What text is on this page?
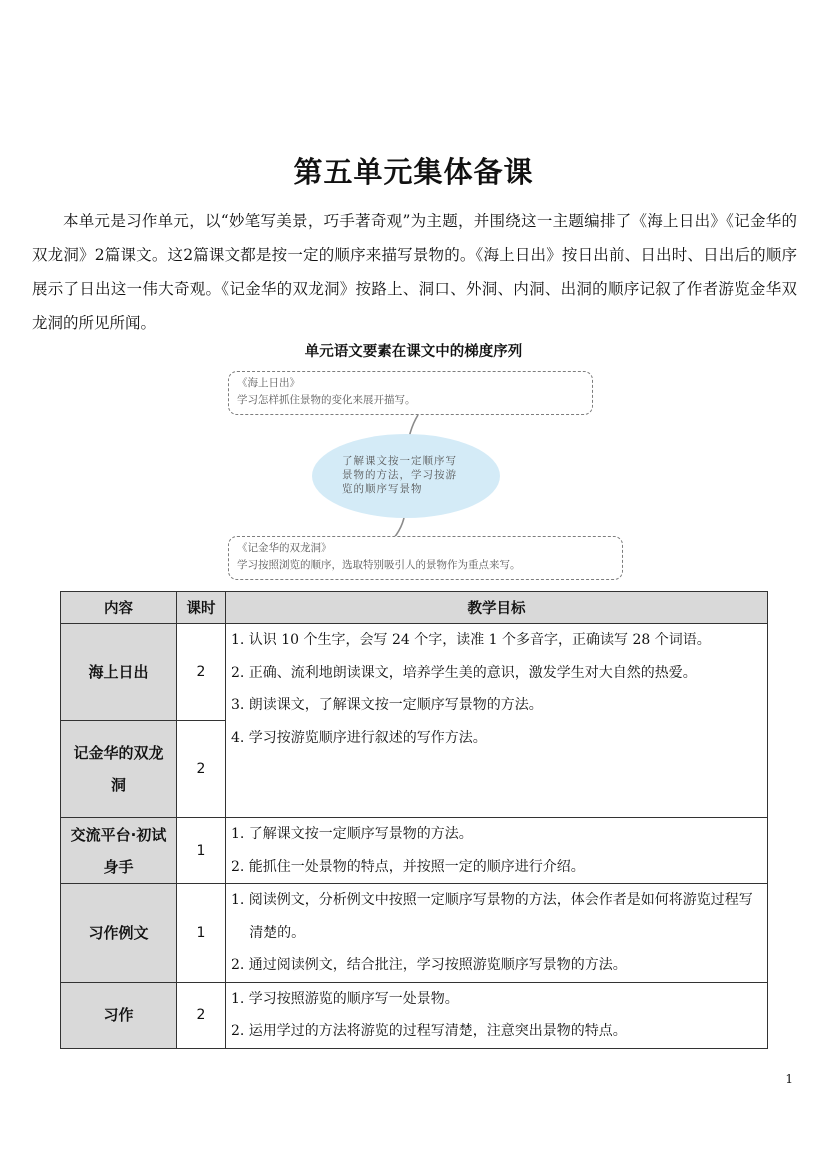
第五单元集体备课

本单元是习作单元，以“妙笔写美景，巧手著奇观”为主题，并围绕这一主题编排了《海上日出》《记金华的双龙洞》2篇课文。这2篇课文都是按一定的顺序来描写景物的。《海上日出》按日出前、日出时、日出后的顺序展示了日出这一伟大奇观。《记金华的双龙洞》按路上、洞口、外洞、内洞、出洞的顺序记叙了作者游览金华双龙洞的所见所闻。

单元语文要素在课文中的梯度序列
《海上日出》
学习怎样抓住景物的变化来展开描写。
了解课文按一定顺序写
景物的方法，学习按游
览的顺序写景物
《记金华的双龙洞》
学习按照浏览的顺序，选取特别吸引人的景物作为重点来写。
内容	课时	教学目标
海上日出	2	1. 认识 10 个生字，会写 24 个字，读准 1 个多音字，正确读写 28 个词语。

2. 正确、流利地朗读课文，培养学生美的意识，激发学生对大自然的热爱。

3. 朗读课文，了解课文按一定顺序写景物的方法。

4. 学习按游览顺序进行叙述的写作方法。

记金华的双龙洞	2	
交流平台·初试身手	1	1. 了解课文按一定顺序写景物的方法。

2. 能抓住一处景物的特点，并按照一定的顺序进行介绍。

习作例文	1	1. 阅读例文，分析例文中按照一定顺序写景物的方法，体会作者是如何将游览过程写清楚的。

2. 通过阅读例文，结合批注，学习按照游览顺序写景物的方法。

习作	2	1. 学习按照游览的顺序写一处景物。

2. 运用学过的方法将游览的过程写清楚，注意突出景物的特点。

1
